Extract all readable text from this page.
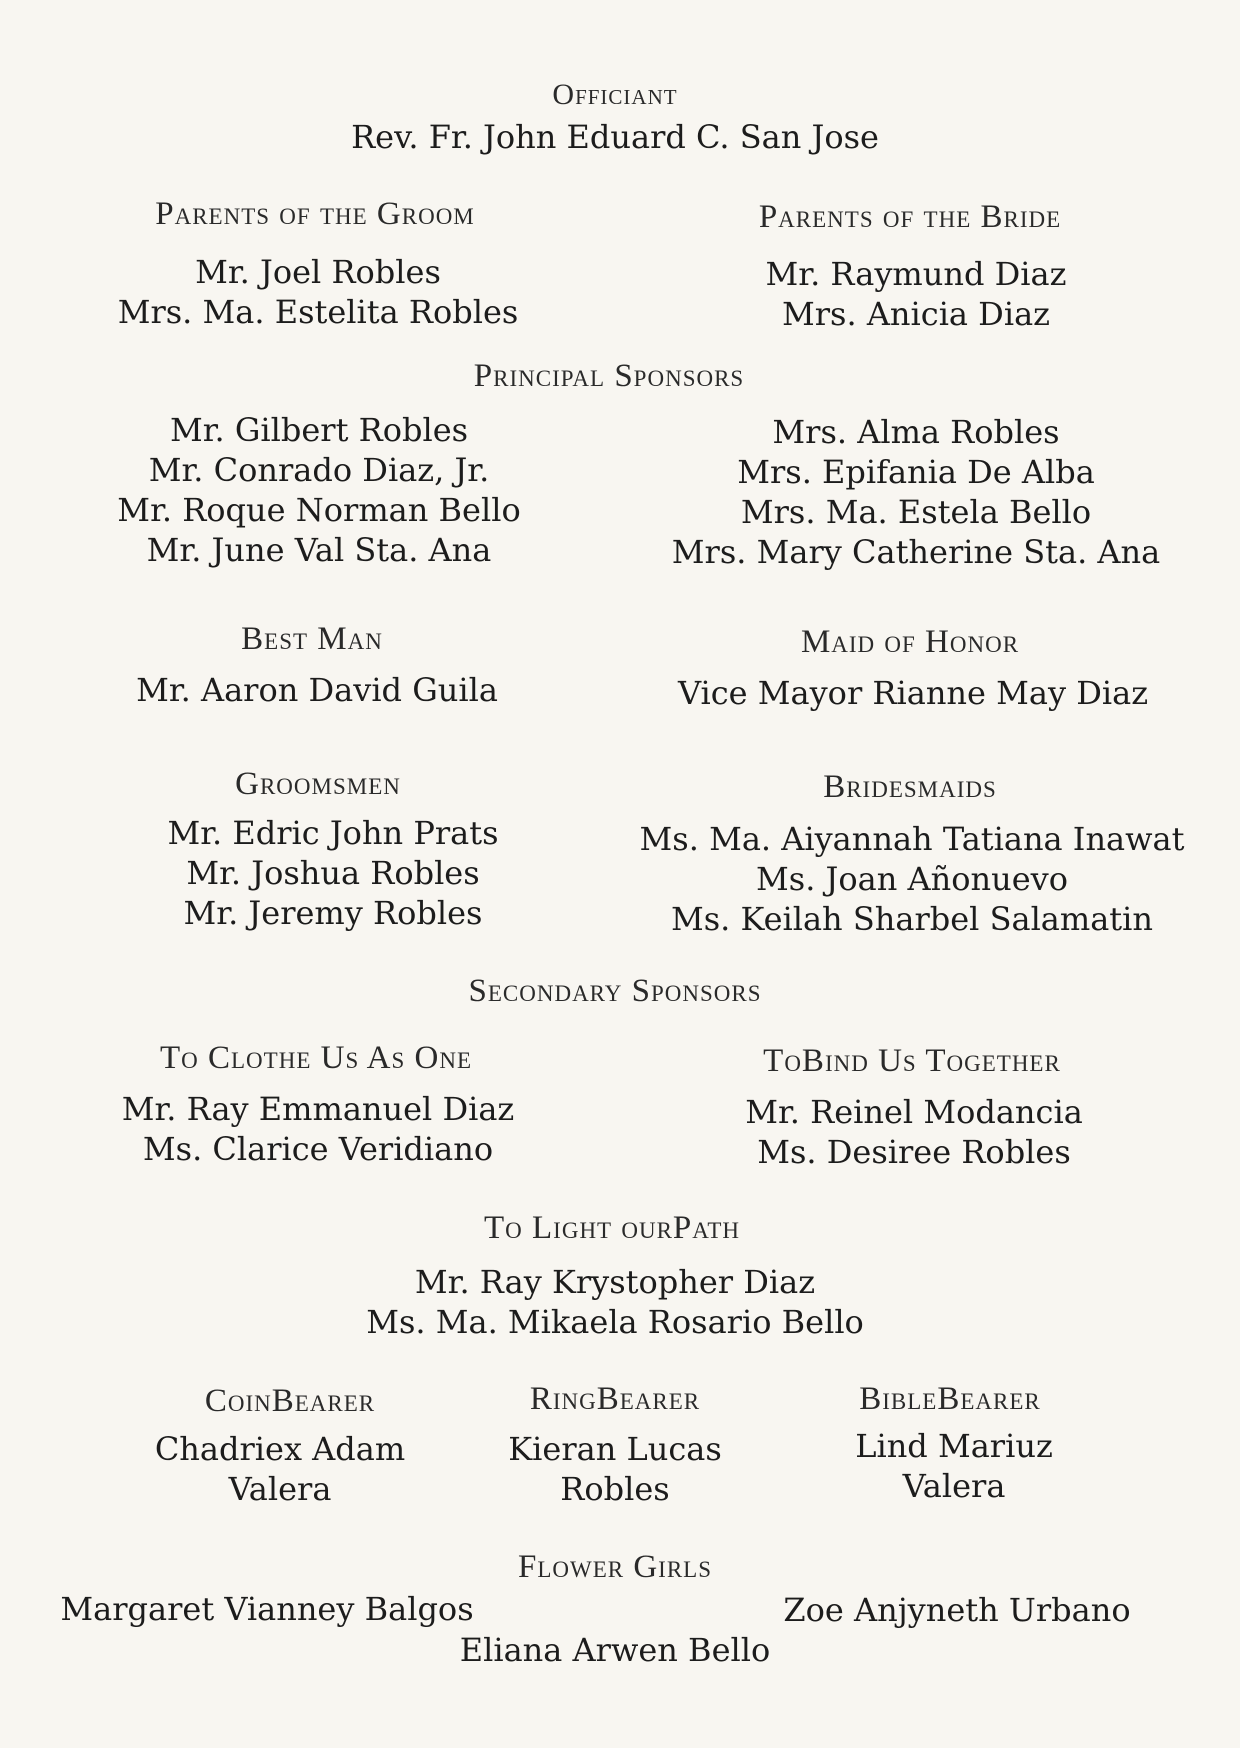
Officiant
Rev. Fr. John Eduard C. San Jose
Parents of the Groom
Mr. Joel Robles
Mrs. Ma. Estelita Robles
Parents of the Bride
Mr. Raymund Diaz
Mrs. Anicia Diaz
Principal Sponsors
Mr. Gilbert Robles
Mr. Conrado Diaz, Jr.
Mr. Roque Norman Bello
Mr. June Val Sta. Ana
Mrs. Alma Robles
Mrs. Epifania De Alba
Mrs. Ma. Estela Bello
Mrs. Mary Catherine Sta. Ana
Best Man
Mr. Aaron David Guila
Maid of Honor
Vice Mayor Rianne May Diaz
Groomsmen
Mr. Edric John Prats
Mr. Joshua Robles
Mr. Jeremy Robles
Bridesmaids
Ms. Ma. Aiyannah Tatiana Inawat
Ms. Joan Añonuevo
Ms. Keilah Sharbel Salamatin
Secondary Sponsors
To Clothe Us As One
Mr. Ray Emmanuel Diaz
Ms. Clarice Veridiano
ToBind Us Together
Mr. Reinel Modancia
Ms. Desiree Robles
To Light ourPath
Mr. Ray Krystopher Diaz
Ms. Ma. Mikaela Rosario Bello
CoinBearer
Chadriex Adam
Valera
RingBearer
Kieran Lucas
Robles
BibleBearer
Lind Mariuz
Valera
Flower Girls
Margaret Vianney Balgos	Zoe Anjyneth Urbano
Eliana Arwen Bello
